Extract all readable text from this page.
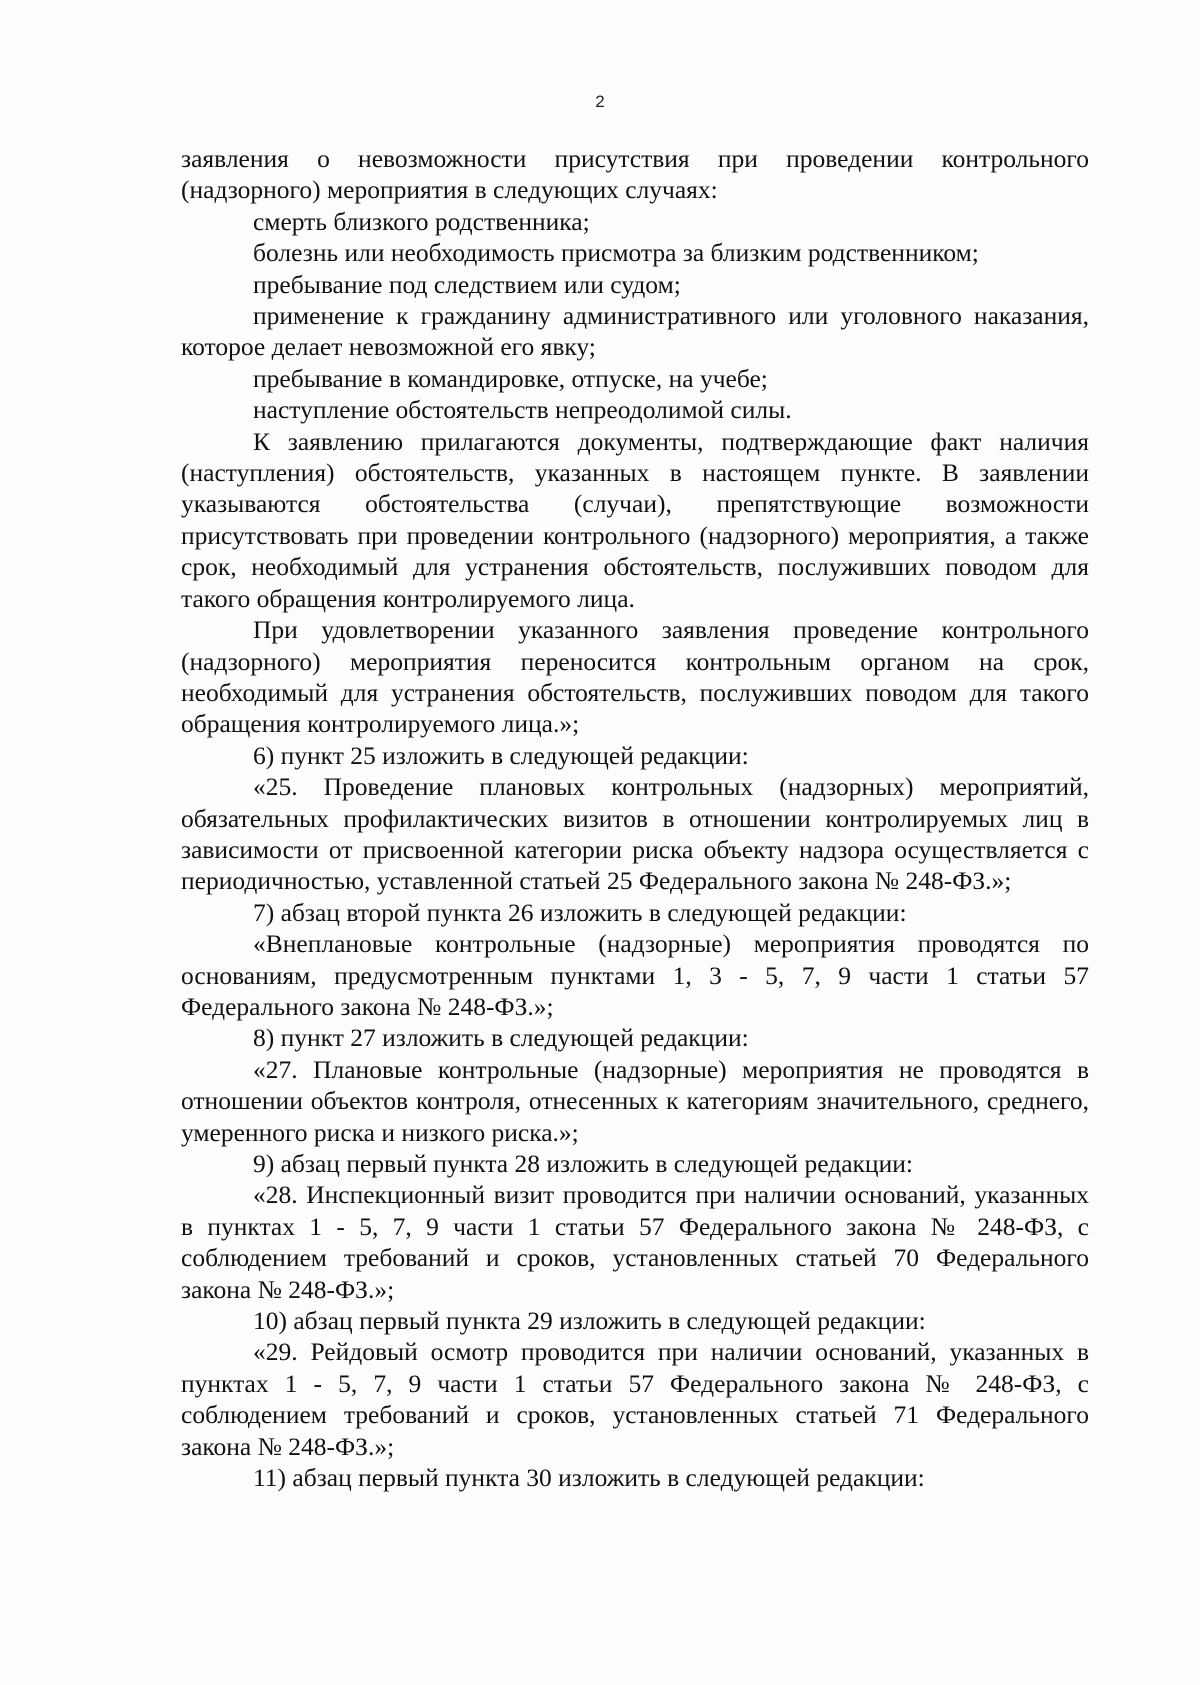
2

заявления о невозможности присутствия при проведении контрольного (надзорного) мероприятия в следующих случаях:

смерть близкого родственника;

болезнь или необходимость присмотра за близким родственником;

пребывание под следствием или судом;

применение к гражданину административного или уголовного наказания, которое делает невозможной его явку;

пребывание в командировке, отпуске, на учебе;

наступление обстоятельств непреодолимой силы.

К заявлению прилагаются документы, подтверждающие факт наличия (наступления) обстоятельств, указанных в настоящем пункте. В заявлении указываются обстоятельства (случаи), препятствующие возможности присутствовать при проведении контрольного (надзорного) мероприятия, а также срок, необходимый для устранения обстоятельств, послуживших поводом для такого обращения контролируемого лица.

При удовлетворении указанного заявления проведение контрольного (надзорного) мероприятия переносится контрольным органом на срок, необходимый для устранения обстоятельств, послуживших поводом для такого обращения контролируемого лица.»;

6) пункт 25 изложить в следующей редакции:

«25. Проведение плановых контрольных (надзорных) мероприятий, обязательных профилактических визитов в отношении контролируемых лиц в зависимости от присвоенной категории риска объекту надзора осуществляется с периодичностью, уставленной статьей 25 Федерального закона № 248-ФЗ.»;

7) абзац второй пункта 26 изложить в следующей редакции:

«Внеплановые контрольные (надзорные) мероприятия проводятся по основаниям, предусмотренным пунктами 1, 3 - 5, 7, 9 части 1 статьи 57 Федерального закона № 248-ФЗ.»;

8) пункт 27 изложить в следующей редакции:

«27. Плановые контрольные (надзорные) мероприятия не проводятся в отношении объектов контроля, отнесенных к категориям значительного, среднего, умеренного риска и низкого риска.»;

9) абзац первый пункта 28 изложить в следующей редакции:

«28. Инспекционный визит проводится при наличии оснований, указанных в пунктах 1 - 5, 7, 9 части 1 статьи 57 Федерального закона № 248-ФЗ, с соблюдением требований и сроков, установленных статьей 70 Федерального закона № 248-ФЗ.»;

10) абзац первый пункта 29 изложить в следующей редакции:

«29. Рейдовый осмотр проводится при наличии оснований, указанных в пунктах 1 - 5, 7, 9 части 1 статьи 57 Федерального закона № 248-ФЗ, с соблюдением требований и сроков, установленных статьей 71 Федерального закона № 248-ФЗ.»;

11) абзац первый пункта 30 изложить в следующей редакции:
